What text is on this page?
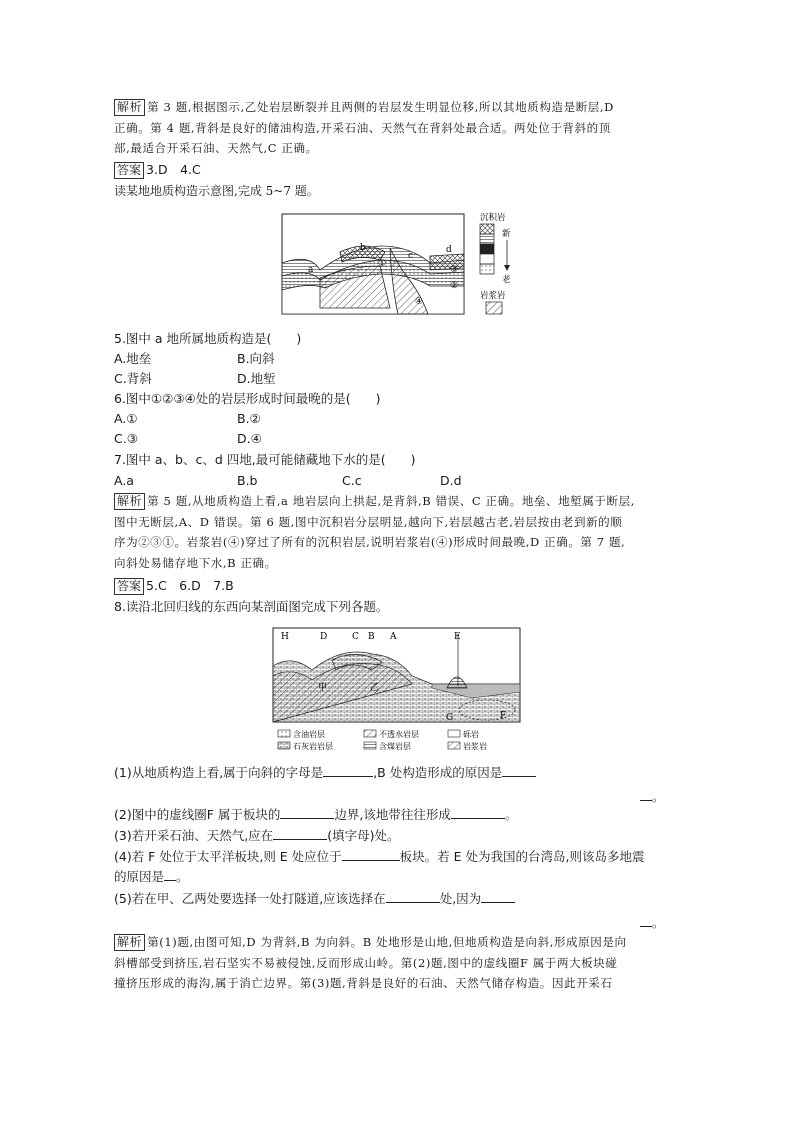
解析 第 3 题,根据图示,乙处岩层断裂并且两侧的岩层发生明显位移,所以其地质构造是断层,D
正确。第 4 题,背斜是良好的储油构造,开采石油、天然气在背斜处最合适。两处位于背斜的顶
部,最适合开采石油、天然气,C 正确。
答案 3.D　4.C
读某地地质构造示意图,完成 5~7 题。
a
b
c
d
①
②
③
④
沉积岩
新
老
岩浆岩
5.图中 a 地所属地质构造是(　　)
A.地垒	B.向斜
C.背斜	D.地堑
6.图中①②③④处的岩层形成时间最晚的是(　　)
A.①	B.②
C.③	D.④
7.图中 a、b、c、d 四地,最可能储藏地下水的是(　　)
A.a	B.b	C.c	D.d
解析 第 5 题,从地质构造上看,a 地岩层向上拱起,是背斜,B 错误、C 正确。地垒、地堑属于断层,
图中无断层,A、D 错误。第 6 题,图中沉积岩分层明显,越向下,岩层越古老,岩层按由老到新的顺
序为②③①。岩浆岩(④)穿过了所有的沉积岩层,说明岩浆岩(④)形成时间最晚,D 正确。第 7 题,
向斜处易储存地下水,B 正确。
答案 5.C　6.D　7.B
8.读沿北回归线的东西向某剖面图完成下列各题。
H	D	C B A	E
G	F
甲	乙
含油岩层	不透水岩层	砾岩
石灰岩岩层	含煤岩层	岩浆岩
(1)从地质构造上看,属于向斜的字母是	,B 处构造形成的原因是
。
(2)图中的虚线圈F 属于板块的	边界,该地带往往形成	。
(3)若开采石油、天然气,应在	(填字母)处。
(4)若 F 处位于太平洋板块,则 E 处应位于	板块。若 E 处为我国的台湾岛,则该岛多地震
的原因是 。
(5)若在甲、乙两处要选择一处打隧道,应该选择在	处,因为
。
解析 第(1)题,由图可知,D 为背斜,B 为向斜。B 处地形是山地,但地质构造是向斜,形成原因是向
斜槽部受到挤压,岩石坚实不易被侵蚀,反而形成山岭。第(2)题,图中的虚线圈F 属于两大板块碰
撞挤压形成的海沟,属于消亡边界。第(3)题,背斜是良好的石油、天然气储存构造。因此开采石
